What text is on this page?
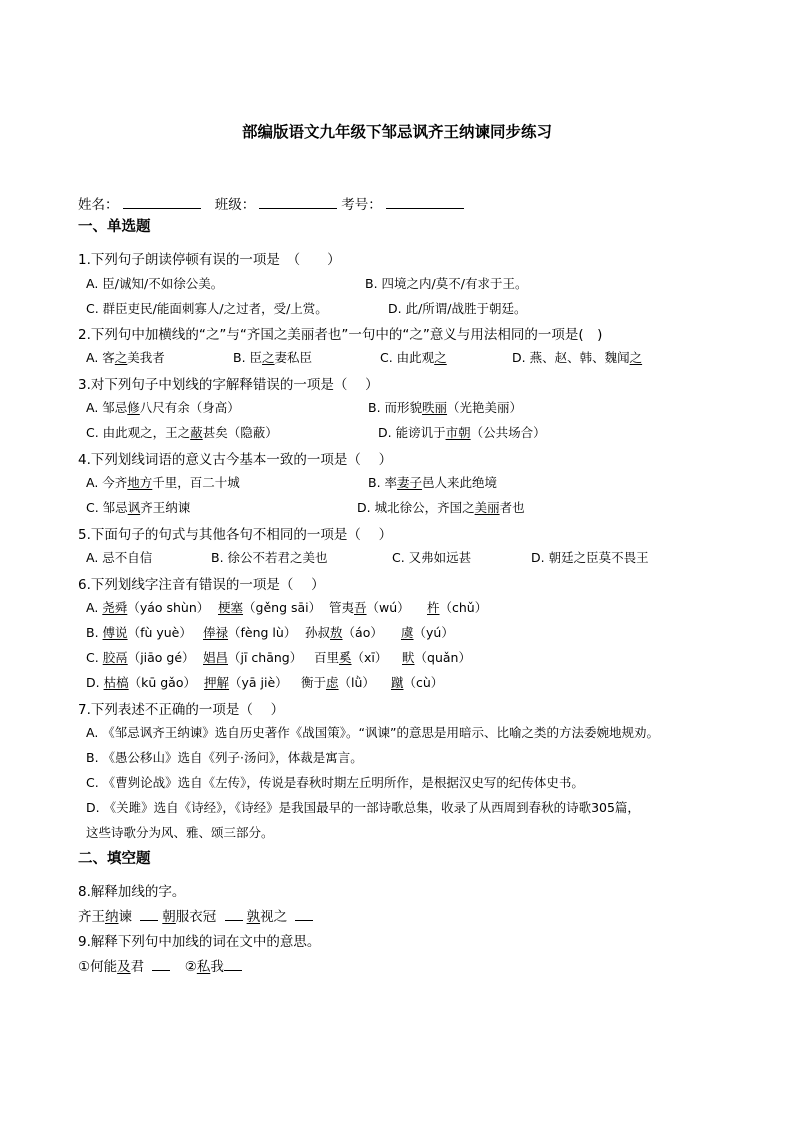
部编版语文九年级下邹忌讽齐王纳谏同步练习
姓名：	班级：	考号：
一、单选题
1.下列句子朗读停顿有误的一项是　（　　）
A. 臣/诚知/不如徐公美。	B. 四境之内/莫不/有求于王。
C. 群臣吏民/能面刺寡人/之过者，受/上赏。	D. 此/所谓/战胜于朝廷。
2.下列句中加横线的“之”与“齐国之美丽者也”一句中的“之”意义与用法相同的一项是(　)
A. 客之美我者	B. 臣之妻私臣	C. 由此观之	D. 燕、赵、韩、魏闻之
3.对下列句子中划线的字解释错误的一项是（　 ）
A. 邹忌修八尺有余（身高）	B. 而形貌昳丽（光艳美丽）
C. 由此观之，王之蔽甚矣（隐蔽）	D. 能谤讥于市朝（公共场合）
4.下列划线词语的意义古今基本一致的一项是（　 ）
A. 今齐地方千里，百二十城	B. 率妻子邑人来此绝境
C. 邹忌讽齐王纳谏	D. 城北徐公，齐国之美丽者也
5.下面句子的句式与其他各句不相同的一项是（　 ）
A. 忌不自信	B. 徐公不若君之美也	C. 又弗如远甚	D. 朝廷之臣莫不畏王
6.下列划线字注音有错误的一项是（　 ）
A. 尧舜（yáo shùn） 梗塞（gěng sāi） 管夷吾（wú） 杵（chǔ）
B. 傅说（fù yuè） 俸禄（fèng lù） 孙叔敖（áo） 虞（yú）
C. 胶鬲（jiāo gé） 娼昌（jī chāng） 百里奚（xī） 畎（quǎn）
D. 枯槁（kū gǎo） 押解（yā jiè） 衡于虑（lǜ） 蹴（cù）
7.下列表述不正确的一项是（　 ）
A. 《邹忌讽齐王纳谏》选自历史著作《战国策》。“讽谏”的意思是用暗示、比喻之类的方法委婉地规劝。
B. 《愚公移山》选自《列子·汤问》，体裁是寓言。
C. 《曹刿论战》选自《左传》，传说是春秋时期左丘明所作，是根据汉史写的纪传体史书。
D. 《关雎》选自《诗经》，《诗经》是我国最早的一部诗歌总集，收录了从西周到春秋的诗歌305篇，
这些诗歌分为风、雅、颂三部分。
二、填空题
8.解释加线的字。
齐王纳谏 朝服衣冠 孰视之
9.解释下列句中加线的词在文中的意思。
①何能及君	②私我
